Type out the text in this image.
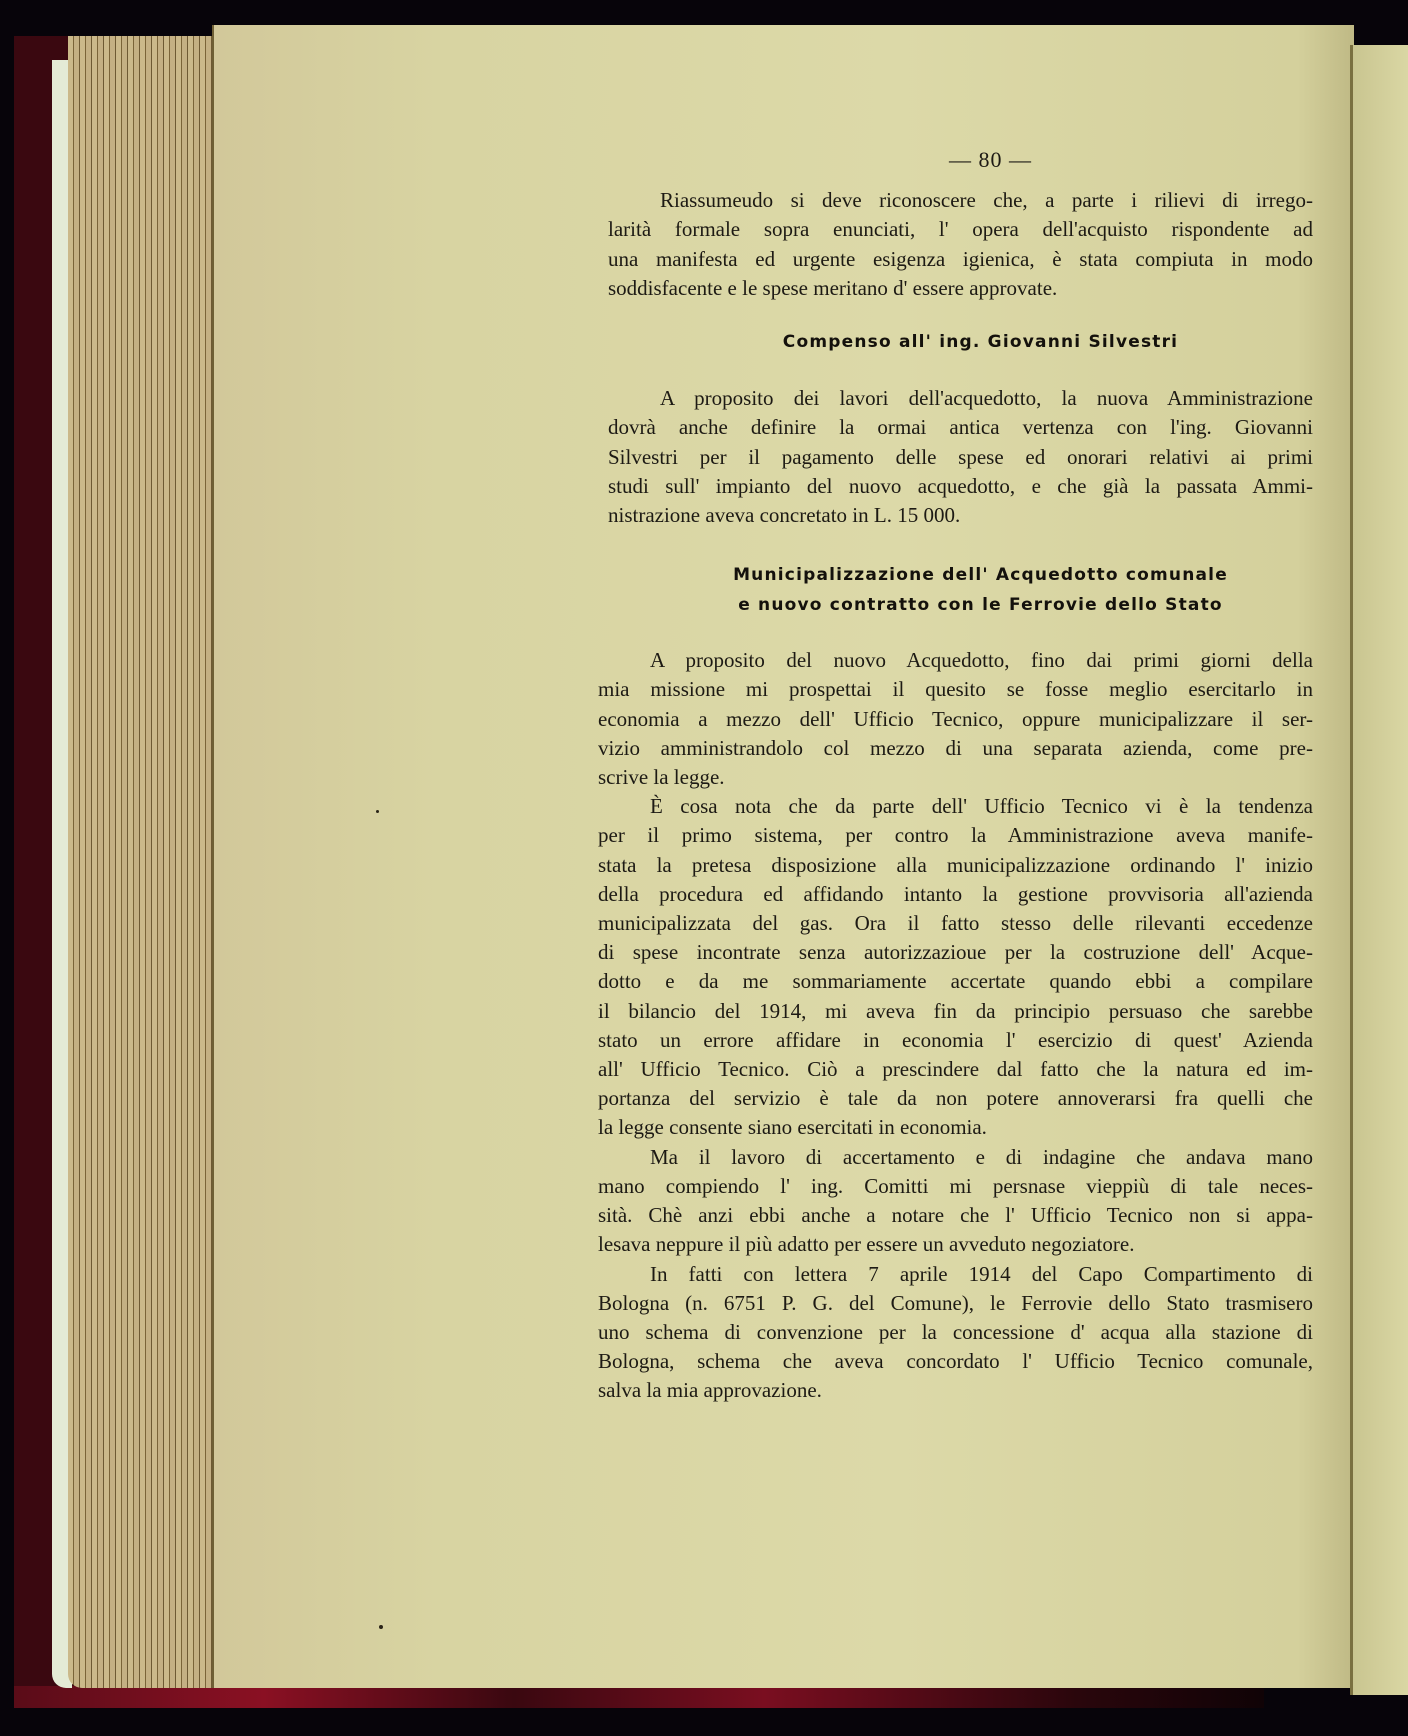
— 80 —
Riassumeudo si deve riconoscere che, a parte i rilievi di irrego-
larità formale sopra enunciati, l' opera dell'acquisto rispondente ad
una manifesta ed urgente esigenza igienica, è stata compiuta in modo
soddisfacente e le spese meritano d' essere approvate.
Compenso all' ing. Giovanni Silvestri
A proposito dei lavori dell'acquedotto, la nuova Amministrazione
dovrà anche definire la ormai antica vertenza con l'ing. Giovanni
Silvestri per il pagamento delle spese ed onorari relativi ai primi
studi sull' impianto del nuovo acquedotto, e che già la passata Ammi-
nistrazione aveva concretato in L. 15 000.
Municipalizzazione dell' Acquedotto comunale
e nuovo contratto con le Ferrovie dello Stato
A proposito del nuovo Acquedotto, fino dai primi giorni della
mia missione mi prospettai il quesito se fosse meglio esercitarlo in
economia a mezzo dell' Ufficio Tecnico, oppure municipalizzare il ser-
vizio amministrandolo col mezzo di una separata azienda, come pre-
scrive la legge.
È cosa nota che da parte dell' Ufficio Tecnico vi è la tendenza
per il primo sistema, per contro la Amministrazione aveva manife-
stata la pretesa disposizione alla municipalizzazione ordinando l' inizio
della procedura ed affidando intanto la gestione provvisoria all'azienda
municipalizzata del gas. Ora il fatto stesso delle rilevanti eccedenze
di spese incontrate senza autorizzazioue per la costruzione dell' Acque-
dotto e da me sommariamente accertate quando ebbi a compilare
il bilancio del 1914, mi aveva fin da principio persuaso che sarebbe
stato un errore affidare in economia l' esercizio di quest' Azienda
all' Ufficio Tecnico. Ciò a prescindere dal fatto che la natura ed im-
portanza del servizio è tale da non potere annoverarsi fra quelli che
la legge consente siano esercitati in economia.
Ma il lavoro di accertamento e di indagine che andava mano
mano compiendo l' ing. Comitti mi persnase vieppiù di tale neces-
sità. Chè anzi ebbi anche a notare che l' Ufficio Tecnico non si appa-
lesava neppure il più adatto per essere un avveduto negoziatore.
In fatti con lettera 7 aprile 1914 del Capo Compartimento di
Bologna (n. 6751 P. G. del Comune), le Ferrovie dello Stato trasmisero
uno schema di convenzione per la concessione d' acqua alla stazione di
Bologna, schema che aveva concordato l' Ufficio Tecnico comunale,
salva la mia approvazione.
